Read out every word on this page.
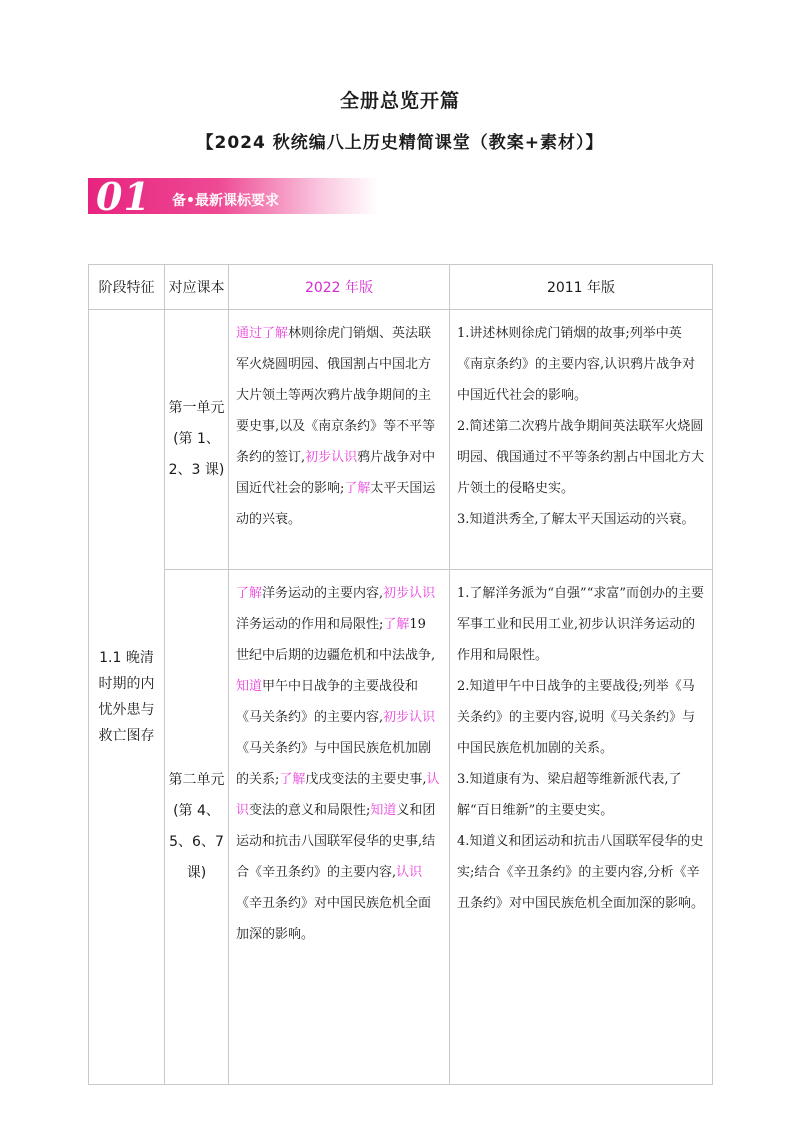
全册总览开篇
【2024 秋统编八上历史精简课堂（教案+素材）】
01 备•最新课标要求
阶段特征	对应课本	2022 年版	2011 年版
1.1 晚清时期的内忧外患与救亡图存	第一单元(第 1、2、3 课)	通过了解林则徐虎门销烟、英法联军火烧圆明园、俄国割占中国北方大片领土等两次鸦片战争期间的主要史事,以及《南京条约》等不平等条约的签订,初步认识鸦片战争对中国近代社会的影响;了解太平天国运动的兴衰。	1.讲述林则徐虎门销烟的故事;列举中英《南京条约》的主要内容,认识鸦片战争对中国近代社会的影响。
2.简述第二次鸦片战争期间英法联军火烧圆明园、俄国通过不平等条约割占中国北方大片领土的侵略史实。
3.知道洪秀全,了解太平天国运动的兴衰。

	第二单元(第 4、5、6、7 课)	了解洋务运动的主要内容,初步认识洋务运动的作用和局限性;了解19 世纪中后期的边疆危机和中法战争,知道甲午中日战争的主要战役和《马关条约》的主要内容,初步认识《马关条约》与中国民族危机加剧的关系;了解戊戌变法的主要史事,认识变法的意义和局限性;知道义和团运动和抗击八国联军侵华的史事,结合《辛丑条约》的主要内容,认识《辛丑条约》对中国民族危机全面加深的影响。	1.了解洋务派为“自强”“求富”而创办的主要军事工业和民用工业,初步认识洋务运动的作用和局限性。
2.知道甲午中日战争的主要战役;列举《马关条约》的主要内容,说明《马关条约》与中国民族危机加剧的关系。
3.知道康有为、梁启超等维新派代表,了解“百日维新”的主要史实。
4.知道义和团运动和抗击八国联军侵华的史实;结合《辛丑条约》的主要内容,分析《辛丑条约》对中国民族危机全面加深的影响。
